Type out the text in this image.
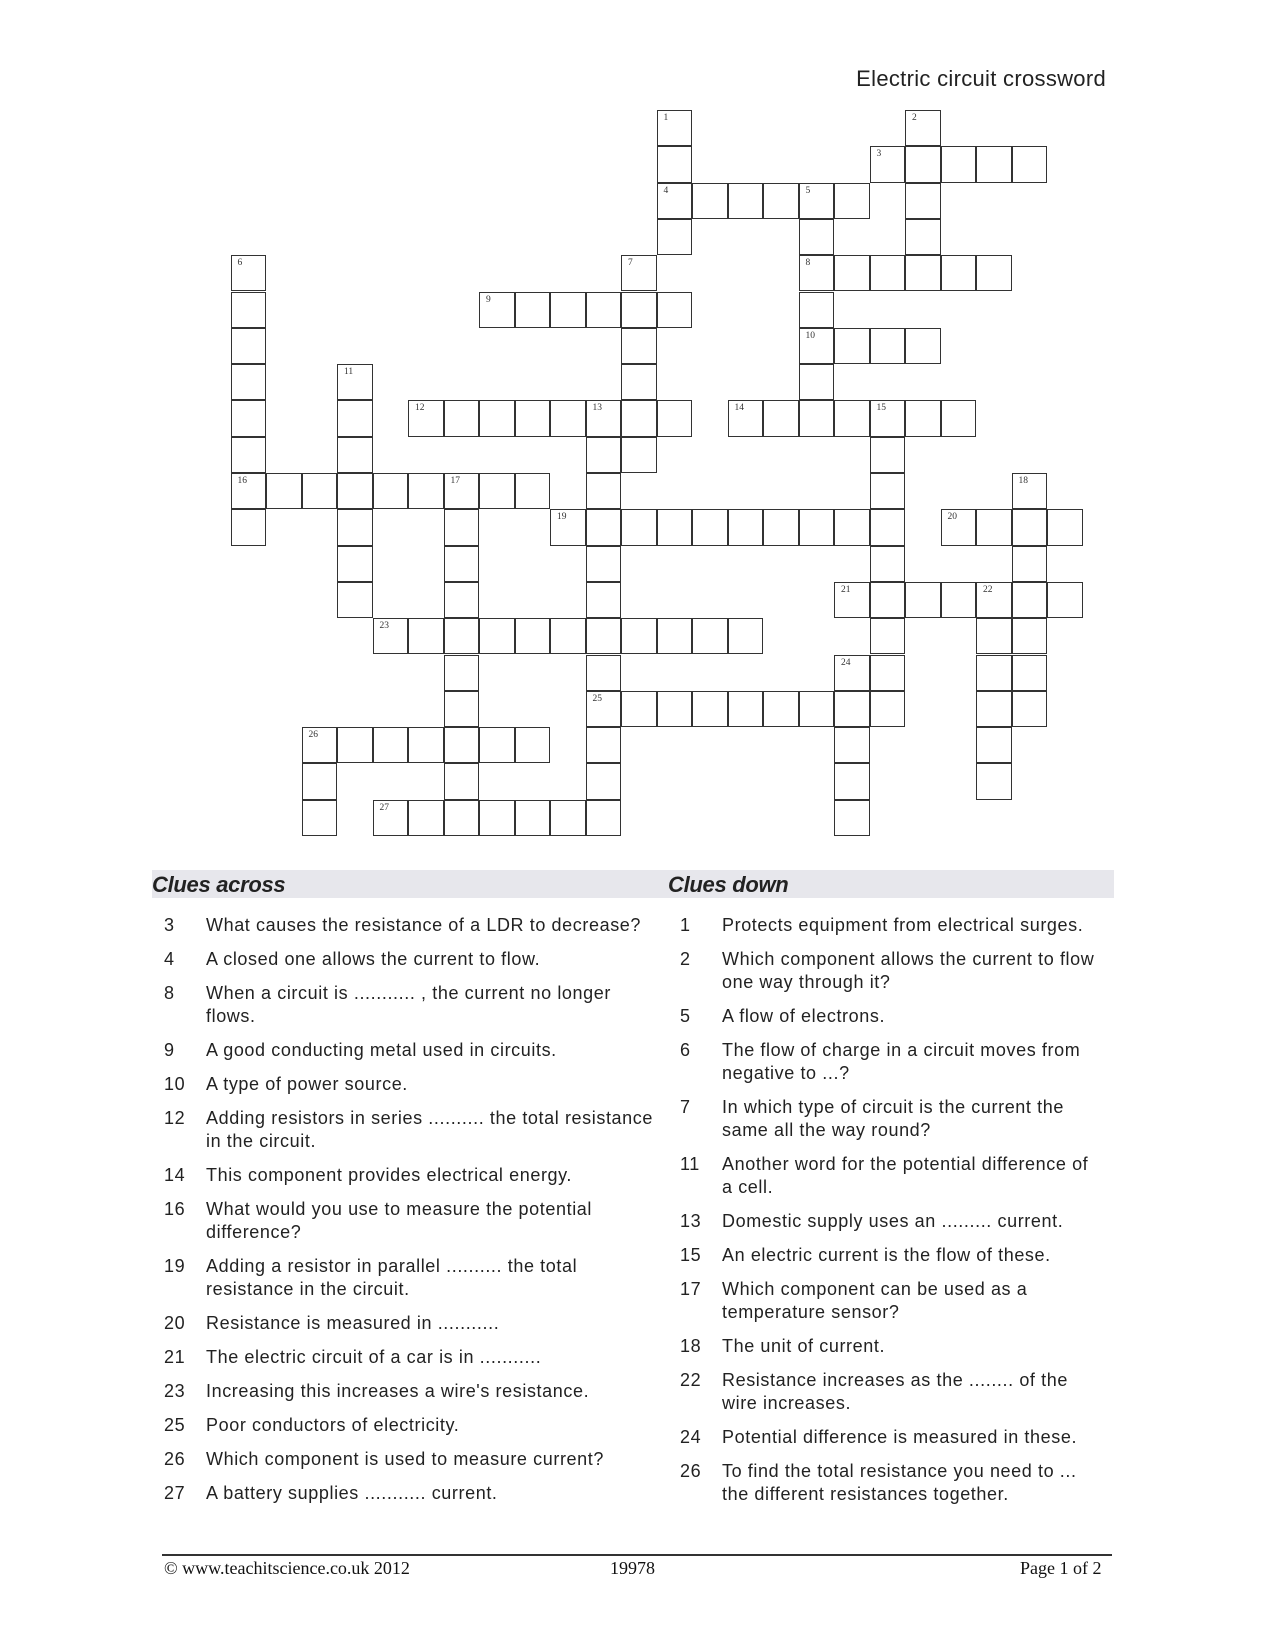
Electric circuit crossword
1	2
3
4	5
6	7	8
9
10
11
12	13	14	15
16	17	18
19	20
21	22
23
24
25
26
27
Clues across	Clues down
3	What causes the resistance of a LDR to decrease?
4	A closed one allows the current to flow.
8	When a circuit is ........... , the current no longer flows.
9	A good conducting metal used in circuits.
10	A type of power source.
12	Adding resistors in series .......... the total resistance in the circuit.
14	This component provides electrical energy.
16	What would you use to measure the potential difference?
19	Adding a resistor in parallel .......... the total resistance in the circuit.
20	Resistance is measured in ...........
21	The electric circuit of a car is in ...........
23	Increasing this increases a wire's resistance.
25	Poor conductors of electricity.
26	Which component is used to measure current?
27	A battery supplies ........... current.
1	Protects equipment from electrical surges.
2	Which component allows the current to flow one way through it?
5	A flow of electrons.
6	The flow of charge in a circuit moves from negative to ...?
7	In which type of circuit is the current the same all the way round?
11	Another word for the potential difference of a cell.
13	Domestic supply uses an ......... current.
15	An electric current is the flow of these.
17	Which component can be used as a temperature sensor?
18	The unit of current.
22	Resistance increases as the ........ of the wire increases.
24	Potential difference is measured in these.
26	To find the total resistance you need to ... the different resistances together.
© www.teachitscience.co.uk 2012	19978	Page 1 of 2
